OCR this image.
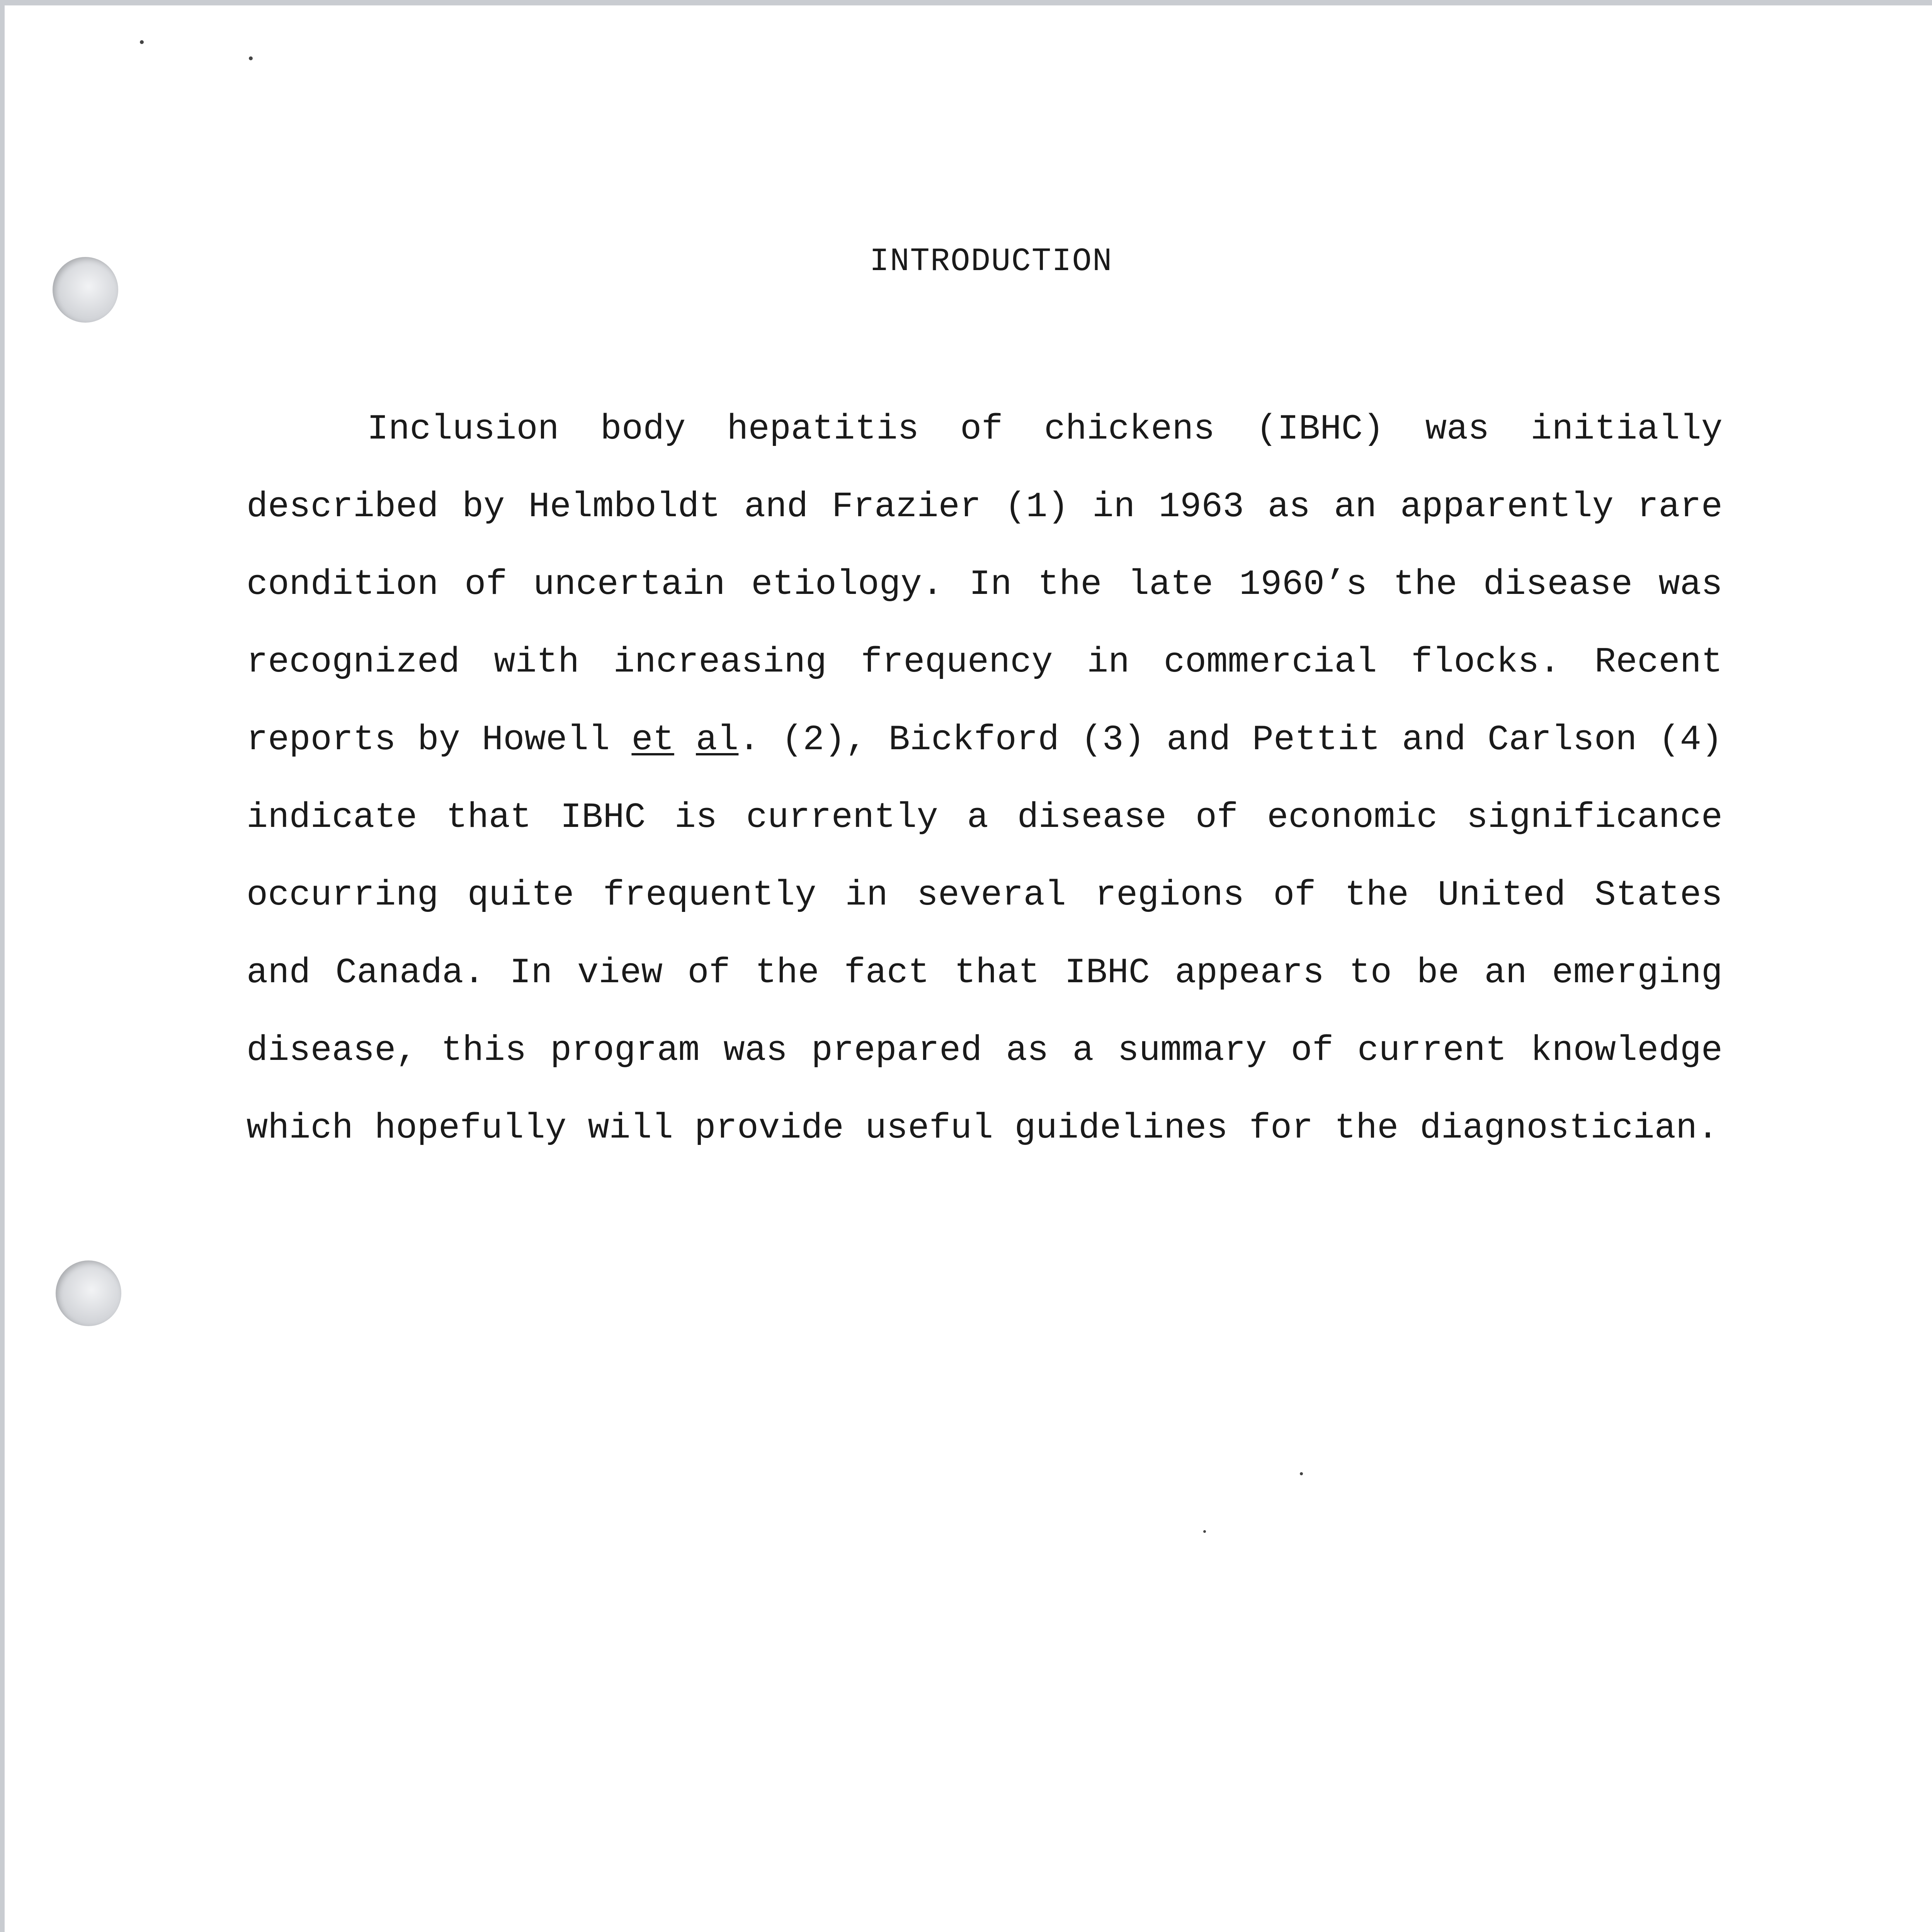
INTRODUCTION

Inclusion body hepatitis of chickens (IBHC) was initially described by Helmboldt and Frazier (1) in 1963 as an apparently rare condition of uncertain etiology. In the late 1960’s the disease was recognized with increasing frequency in commercial flocks. Recent reports by Howell et al. (2), Bickford (3) and Pettit and Carlson (4) indicate that IBHC is currently a disease of economic significance occurring quite frequently in several regions of the United States and Canada. In view of the fact that IBHC appears to be an emerging disease, this program was prepared as a summary of current knowledge which hopefully will provide useful guidelines for the diagnostician.
